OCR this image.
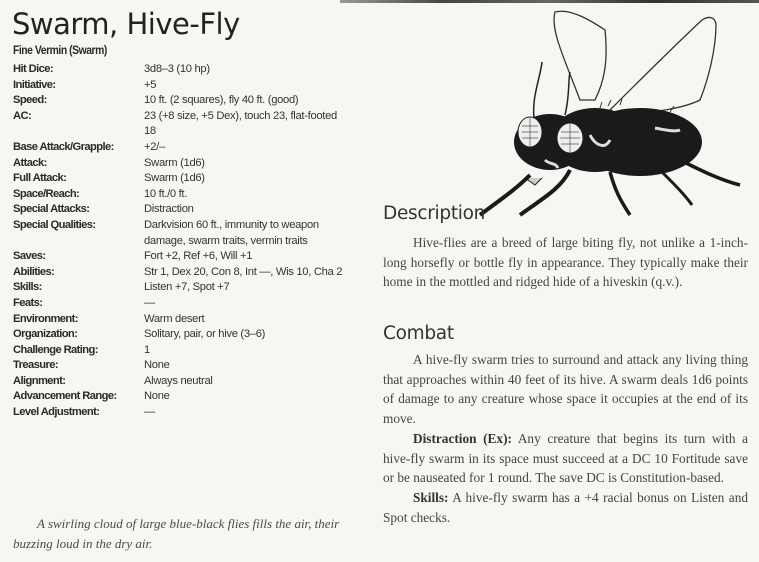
Swarm, Hive-Fly
Fine Vermin (Swarm)
Hit Dice:	3d8–3 (10 hp)
Initiative:	+5
Speed:	10 ft. (2 squares), fly 40 ft. (good)
AC:	23 (+8 size, +5 Dex), touch 23, flat-footed 18
Base Attack/Grapple:	+2/–
Attack:	Swarm (1d6)
Full Attack:	Swarm (1d6)
Space/Reach:	10 ft./0 ft.
Special Attacks:	Distraction
Special Qualities:	Darkvision 60 ft., immunity to weapon damage, swarm traits, vermin traits
Saves:	Fort +2, Ref +6, Will +1
Abilities:	Str 1, Dex 20, Con 8, Int —, Wis 10, Cha 2
Skills:	Listen +7, Spot +7
Feats:	—
Environment:	Warm desert
Organization:	Solitary, pair, or hive (3–6)
Challenge Rating:	1
Treasure:	None
Alignment:	Always neutral
Advancement Range:	None
Level Adjustment:	—

A swirling cloud of large blue-black flies fills the air, their buzzing loud in the dry air.

Description

Hive-flies are a breed of large biting fly, not unlike a 1-inch-long horsefly or bottle fly in appearance. They typically make their home in the mottled and ridged hide of a hiveskin (q.v.).

Combat

A hive-fly swarm tries to surround and attack any living thing that approaches within 40 feet of its hive. A swarm deals 1d6 points of damage to any creature whose space it occupies at the end of its move.

Distraction (Ex): Any creature that begins its turn with a hive-fly swarm in its space must succeed at a DC 10 Fortitude save or be nauseated for 1 round. The save DC is Constitution-based.

Skills: A hive-fly swarm has a +4 racial bonus on Listen and Spot checks.
